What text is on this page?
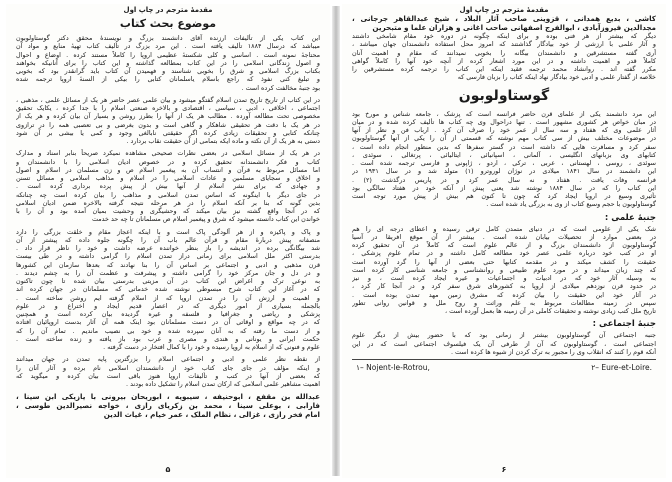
مقدمهٔ مترجم در چاپ اول
موضوع بحث کتاب
این کتاب یکی از تألیفات ارزنده آقای دانشمند بزرگ و نویسندهٔ محقق دکتر گوستاولوبون
میباشد که درسال ۱۸۸۴ تألیف یافته است . این مرد بزرگ در تألیف کتاب تهیهٔ منابع و مواد آن
محتاجهٔ نمونه است . اساسی و کلی شکستهٔ عظیمی اروپا را کاملاً مستند کرده . اوضاع و احوال
و اصول زندگانی اسلامی را در این کتاب بمطالعه گذاشته و این کتاب را برای آنانیکه بخواهند
بکتاب بزرگ اسلامی و شرق را بخوبی شناسند و فهمیدن آن کتاب باید گرانقدر بود که بخوبی
و تبلیغ کنی نفوذ که راجع باسلام یاسلمانان کتابی را بیکی از السنهٔ اروپا ترجمه شده
بود جنبهٔ مخالفت کرده است .
در این کتاب از تاریخ تاریخ تمدن اسلام گفتگو میشود و بیان علمی عصر حاضر هر یک از مسائل علمی ، مذهبی ،
اجتماعی ، اخلاقی ، ادبی ، سیاسی ، اقتصادی و بالاخره صنعتی اسلام را با جدا کرده ، یکایک تحقیق
مخصوصی تحت مطالعه آورده . مطالب هر یک از آنها را بطرز روشن و بسیار آن بیان کرده و هر یک از
در هر یک با دقت هر تحقیقی شاهکار و گاهی است و بدون بغرضی و بی تعصبی همه را در ترازوی
چنانکه کتابی و تحقیقات زیادی کرده اگر حقیقتی نابالغی وجود و کمی یا بیشی بر آن شود
دستی به هر یک از آن نکته و ماده ایکه بتمامی از آن حقیقت نقاب بردارد .
در هر یک از مسائل اسلامی در بعضی نظرات صحیحی مشاهده نمیکرد صریحاً بنابر اسناد و مدارک
کتاب و فکر دانشمندانه تحقیق کرده و در خصوص ادیان اسلامی را با دانشمندان و
اما مسائل مربوط به قرآن و انتساب آن به پیغمبر اسلام ص و زن مسلمان در اسلام و اصول
و اخلاق و سجایای مسلمین و عادات اسلامی را در اسلام و مذاهب اسلامی و مسائل تسنن
و جهادی که برای نشر اسلام از آنها بیش از پیش پرده برداری کرده است .
در جای دیگر با اینگونه که اساس تمدن اسلامی و مذاهب را بیان کرده است چه چنانکه
بدین گونه که بنا بر آنکه اسلام را در هر مرحله نتیجه گرفته بالاخره ضمن ادیان اسلامی
که در آنجا واقع گشته نیز بیان میکند که وحشیگری و وحشیت بمیان آمده بود و آن را با
خواندن این کتاب دانسته میشود که شرق و پیغمبر اسلام ص مسلمانان تا چه حد خدمت
و پاک و پاکیزه و از هر آلودگی پاک است و با اینکه اعجاز مقام و خلقت بزرگی را دارد
منصفانه پیش دربارهٔ مقام و قرآن عالم باب آن را چگونه جلوه داده که پیشتر از آن
شد بیگانگی برده در اندیشه را باز بنظر خواننده عرضه داشت و خود را ناظر قرار داد .
بدرستی اکثر ملل اسلامی برای زمانی دراز تمدن اسلام را گرامی داشته و در طی بیست
قرن مذهبی و ادبی و اجتماعی بر اساس آن را بنا نهادند که بعدها سازمان این کشورها
و در دل و جان مرکز خود را گرامی داشته و پیشرفت و عظمت آن را به چشم دیدند .
به نوعی ترک و اغراض این کتاب در آن مزیتی بدرستی بیان شده تا چون تاکنون
که در آغاز این کتاب شرح مبسوطی نوشته شده خدماتی که مسلمانان در جهان کرده اند
و اهمیت و ارزش آن را در تمدن اروپا که از اسلام گرفته ایم روشن ساخته است .
بالجمله بسیاری از امور دیگری که در اعصار قدیم ایجاد و اختراع و در علوم
پزشکی و ریاضی و جغرافیا و فلسفه و غیره گردیده بیان کرده است و همچنین
که در چه مواقع و اوقاتی آن در دست مسلمانان بود اینک همه آن آثار بدست اروپائیان افتاده
و از دست ما رفته که به آنان سپرده شده و خود بی نصیب ماندیم . تمام آن را که
حکمت ایرانی و یونانی و هندی و مصری و عرب بود باز یافته و زنده ساخته است .
علوم و فنونی که از اسلام به اروپا رسیده و خود را با کمال افتخار در دست گرفته .
از نقطه نظر علمی و ادبی و اجتماعی اسلام را بزرگترین پایه تمدن در جهان میدانند
و اینکه مؤلف در جای جای کتاب خود از دانشمندان اسلامی نام برده و آثار آنان را
که بعضی از آنها در کتب و تألیفات اروپا هنوز باقی است بیان کرده و میگوید که
اهمیت مشاهیر علمی اسلامی که ارکان تمدن اسلام را تشکیل داده بودند .
عبدالله بن مقفع ، ابوحنیفه ، سیبویه ، ابوریحان بیرونی با یازیکی ابن سینا ،
فارابی ، بوعلی سینا ، محمد بن زکریای رازی ، خواجه نصیرالدین طوسی ،
امام فخر رازی ، غزالی ، نظام الملک ، عمر خیام ، غیاث الدین
۵
مقدمهٔ مترجم در چاپ اول
کاشی ، بدیع همدانی ، قزوینی صاحب آثار البلاد ، شیخ عبدالقاهر جرجانی ،
مجدالدین فیروزآبادی ، ابوالفرج اصفهانی صاحب اغانی و هزاران علما و متبحرین
دیگر که بیشتر از هر فنی بوده و برای اینکه چگونه در دوره خود مقام شامخی داشتند
و آثار علمی با ارزشی از خود بیادگار گذاشتند که امروز محل استفاده دانشمندان جهان میباشد ،
آری گفته مستشرقین و دانشمندان بیگانه را بخوبی نمیدانند که مقام و اهمیت آنان
کاملاً قدر و اهمیت داشته و در این مورد اشعار کرده از آنچه خود آنها را کاملاً گواهی
مکرر گفته اند . روانشاد محمد ترجمه فقید اینکه این کتاب را ترجمه کرده مستشرقین را
خلاصه از گفتار علمی و ادبی خود بیادگار نهاد اینکه کتاب را بزبان فارسی که
گوستاولوبون
این مرد دانشمند یکی از علمای قرن حاضر فرانسه است که پزشک ، جامعه شناس و مورخ بود
در مبان خواص هر کشوری مشهور است . تنها دراحوال وی چه کتاب ها تألیف کرده شده و در میان
آثار علمی وی که هفتاد و سه سال از عمر خود را صرف آن کرد . ارباب فن و نظر از آنها
در موضوعات مختلف بیش از سی کتاب مهم نوشته که قسمتی از آن را یکی از آنها گوستاولوبون
سفر کرد و مسافرت هایی که داشته است در گستر سفرها که بدین منظور انجام داده است ،
کتابهای وی بزبانهای انگلیسی ، آلمانی ، اسپانیائی ، ایتالیائی ، پرتغالی ، سوئدی ،
سوئدی ، روسی ، لهستانی ، عربی ، ترکی ، اردو ، ژاپونی و فارسی ترجمه شده است .
این دانشمند در سال ۱۸۴۱ میلادی در نوژان لوروترو (۱) متولد شد و در سال ۱۹۳۱ در
فرانسه وفات یافت . هفتاد و نه سال عمر کرد و در پاریس درگذشت (۲) .
این کتاب را که در سال ۱۸۸۴ نوشته شد یعنی پیش از آنکه خود در هفتاد سالگی بود
تأثیری وسیع در اروپا ایجاد کرد که چون تا کنون هم بیش از پیش مورد توجه است
گوستاولوبون با حجم وسیع کتاب از وی به بزرگی یاد شده است .
جنبهٔ علمی :
شک یکی از علومی است که در دنیای متمدن کامل ترقی رسیده و اعطای درجه ای را هم
در بعضی موارد از تحصیلات بیابان شده است . بیشتر از آن موقع افریقا در آسیا
گوستاولوبون از دانشمندان بزرگ و از عالم علوم است که کاملاً در آن تحقیق کرده
او در کتب خود درباره علمی عصر خود مطالعه کامل داشته و در تمام علوم پزشکی ،
حقیقت را کشف میکند و در مقدمه کتابها حتی بعضی از آنها را گرد آورده است
که چند زبان میداند و در مورد علوم طبیعی و روانشناسی و جامعه شناسی کار کرده است
به وسیله آثار خود که در ادبیات و اجتماعیات و غیره ایجاد کرده است ، و نیز
در حدود قرن نوزدهم میلادی از اروپا به کشورهای شرق سفر کرد و در آنجا کار کرد ،
در آثار خود این حقیقت را بیان کرده که مشرق زمین مهد تمدن بوده است .
سپس در زمینه مطالعات مربوط به علم وراثت و روح ملل و قوانین روانی تطور
تاریخ ملل کتب زیادی نوشته و تحقیقات کاملی در آن زمینه ها بعمل آورده است ،
جنبهٔ اجتماعی :
جنبه اجتماعی آن گوستاولوبون بیشتر از زمانی بود که با حضور بیش از دیگر علوم
اجتماعی است ، گوستاولوبون که آن از طرفی آن یک فیلسوف اجتماعی است که در این
آنکه قوم را کنند که انقلاب وی را مجبور به ترک کردن از شیوه ها کرده است .
۱– Nojent-le-Rotrou,	۲– Eure-et-Loire.
۶
